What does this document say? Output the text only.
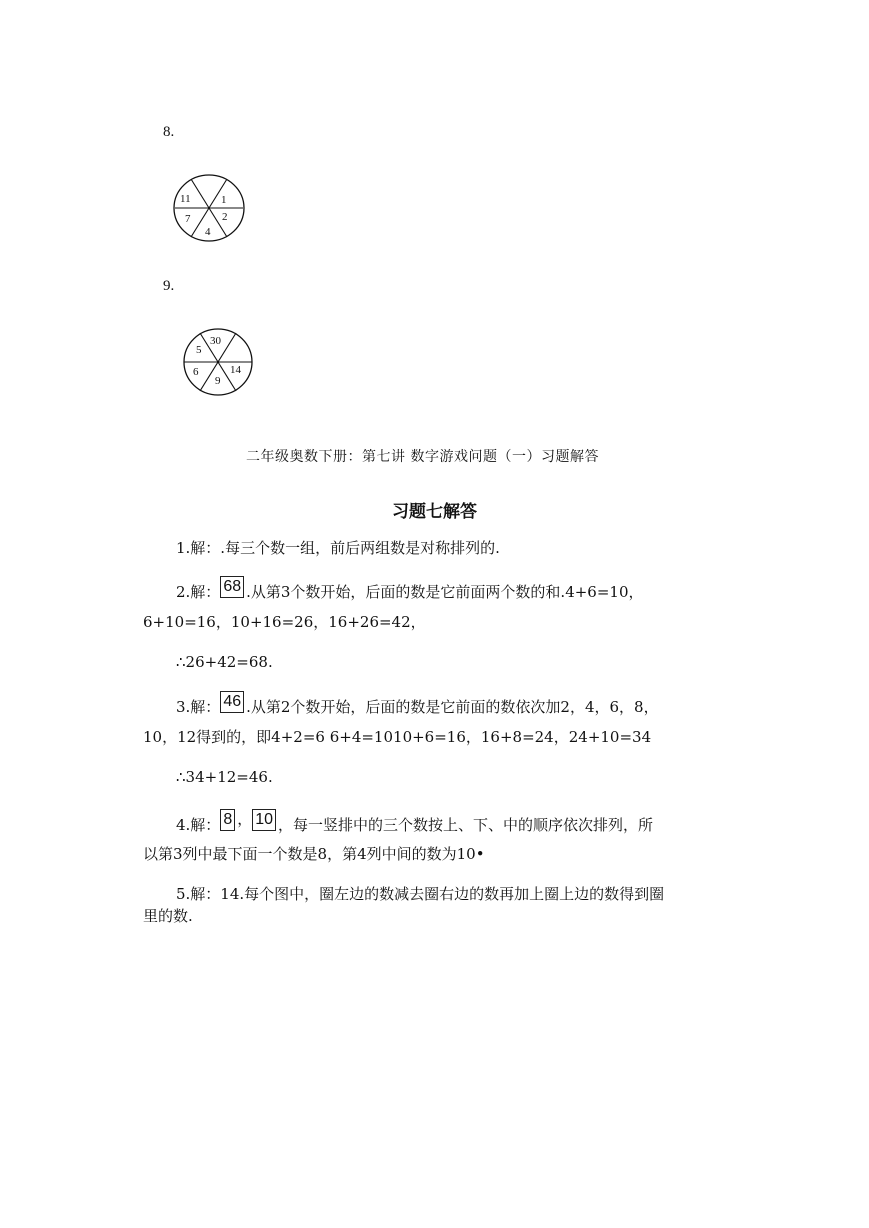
8.
11	1
2
4
7
9.
30
5
6
9
14
二年级奥数下册：第七讲 数字游戏问题（一）习题解答
习题七解答
1.解：.每三个数一组，前后两组数是对称排列的.
2.解： 68 .从第3个数开始，后面的数是它前面两个数的和.4+6=10，
6+10=16，10+16=26，16+26=42，
∴26+42=68.
3.解： 46 .从第2个数开始，后面的数是它前面的数依次加2，4，6，8，
10，12得到的，即4+2=6 6+4=1010+6=16，16+8=24，24+10=34
∴34+12=46.
4.解： 8 ， 10 ，每一竖排中的三个数按上、下、中的顺序依次排列，所
以第3列中最下面一个数是8，第4列中间的数为10•
5.解：14.每个图中，圈左边的数减去圈右边的数再加上圈上边的数得到圈
里的数.
